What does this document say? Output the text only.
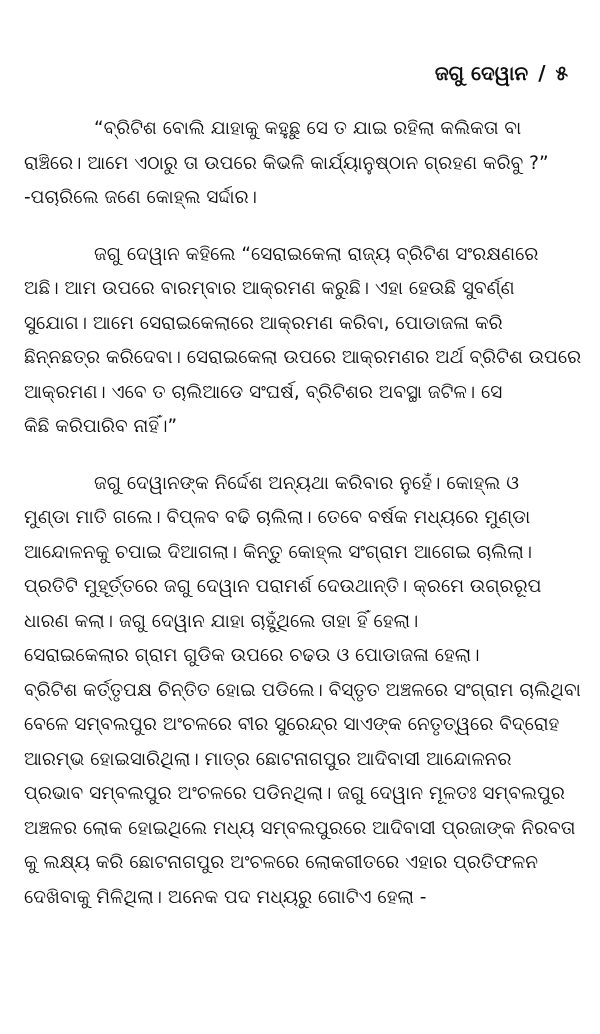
ଜଗୁ ଦେୱାନ / ୫
“ବ୍ରିଟିଶ ବୋଲି ଯାହାକୁ କହୁଛୁ ସେ ତ ଯାଇ ରହିଲା କଲିକତା ବା
ରାଞ୍ଚିରେ। ଆମେ ଏଠାରୁ ତା ଉପରେ କିଭଳି କାର୍ଯ୍ୟାନୁଷ୍ଠାନ ଗ୍ରହଣ କରିବୁ ?”
-ପଚାରିଲେ ଜଣେ କୋହ୍ଲ ସର୍ଦ୍ଦାର।
ଜଗୁ ଦେୱାନ କହିଲେ “ସେରାଇକେଲା ରାଜ୍ୟ ବ୍ରିଟିଶ ସଂରକ୍ଷଣରେ
ଅଛି। ଆମ ଉପରେ ବାରମ୍ବାର ଆକ୍ରମଣ କରୁଛି। ଏହା ହେଉଛି ସୁବର୍ଣ୍ଣ
ସୁଯୋଗ। ଆମେ ସେରାଇକେଲାରେ ଆକ୍ରମଣ କରିବା, ପୋଡାଜଳା କରି
ଛିନ୍ନଛତ୍ର କରିଦେବା। ସେରାଇକେଲା ଉପରେ ଆକ୍ରମଣର ଅର୍ଥ ବ୍ରିଟିଶ ଉପରେ
ଆକ୍ରମଣ। ଏବେ ତ ଚାଲିଆଡେ ସଂଘର୍ଷ, ବ୍ରିଟିଶର ଅବସ୍ଥା ଜଟିଳ। ସେ
କିଛି କରିପାରିବ ନାହିଁ।”
ଜଗୁ ଦେୱାନଙ୍କ ନିର୍ଦ୍ଦେଶ ଅନ୍ୟଥା କରିବାର ନୁହେଁ। କୋହ୍ଲ ଓ
ମୁଣ୍ଡା ମାତି ଗଲେ। ବିପ୍ଳବ ବଢି ଚାଲିଲା। ତେବେ ବର୍ଷକ ମଧ୍ୟରେ ମୁଣ୍ଡା
ଆନ୍ଦୋଳନକୁ ଚପାଇ ଦିଆଗଲା। କିନ୍ତୁ କୋହ୍ଲ ସଂଗ୍ରାମ ଆଗେଇ ଚାଲିଲା।
ପ୍ରତିଟି ମୁହୂର୍ତ୍ତରେ ଜଗୁ ଦେୱାନ ପରାମର୍ଶ ଦେଉଥାନ୍ତି। କ୍ରମେ ଉଗ୍ରରୂପ
ଧାରଣ କଲା। ଜଗୁ ଦେୱାନ ଯାହା ଚାହୁଁଥିଲେ ତାହା ହିଁ ହେଲା।
ସେରାଇକେଲାର ଗ୍ରାମ ଗୁଡିକ ଉପରେ ଚଢଉ ଓ ପୋଡାଜଳା ହେଲା।
ବ୍ରିଟିଶ କର୍ତ୍ତୃପକ୍ଷ ଚିନ୍ତିତ ହୋଇ ପଡିଲେ। ବିସ୍ତୃତ ଅଞ୍ଚଳରେ ସଂଗ୍ରାମ ଚାଲିଥିବା
ବେଳେ ସମ୍ବଲପୁର ଅଂଚଳରେ ବୀର ସୁରେନ୍ଦ୍ର ସାଏଙ୍କ ନେତୃତ୍ୱରେ ବିଦ୍ରୋହ
ଆରମ୍ଭ ହୋଇସାରିଥିଲା। ମାତ୍ର ଛୋଟନାଗପୁର ଆଦିବାସୀ ଆନ୍ଦୋଳନର
ପ୍ରଭାବ ସମ୍ବଲପୁର ଅଂଚଳରେ ପଡିନଥିଲା। ଜଗୁ ଦେୱାନ ମୂଳତଃ ସମ୍ବଲପୁର
ଅଞ୍ଚଳର ଲୋକ ହୋଇଥିଲେ ମଧ୍ୟ ସମ୍ବଲପୁରରେ ଆଦିବାସୀ ପ୍ରଜାଙ୍କ ନିରବତା
କୁ ଲକ୍ଷ୍ୟ କରି ଛୋଟନାଗପୁର ଅଂଚଳରେ ଲୋକଗୀତରେ ଏହାର ପ୍ରତିଫଳନ
ଦେଖିବାକୁ ମିଳିଥିଲା। ଅନେକ ପଦ ମଧ୍ୟରୁ ଗୋଟିଏ ହେଲା -
